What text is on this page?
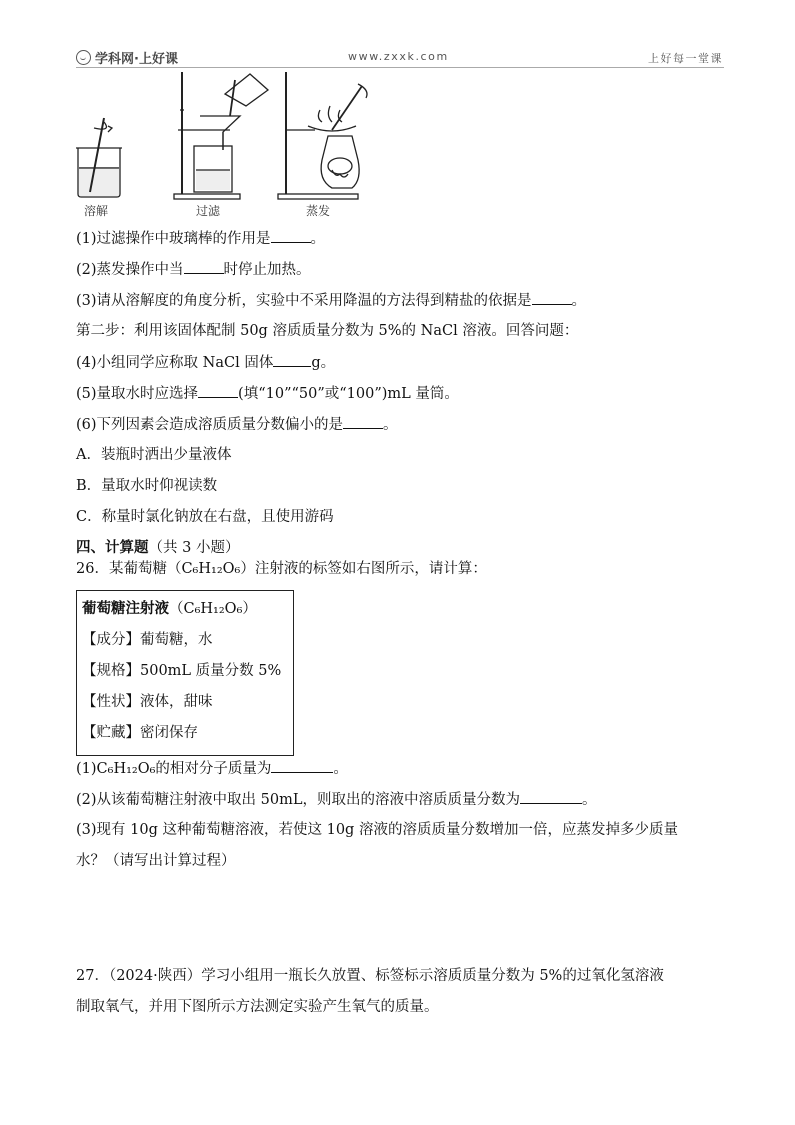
学科网·上好课	www.zxxk.com	上好每一堂课
溶解	过滤	蒸发
(1)过滤操作中玻璃棒的作用是	。
(2)蒸发操作中当	时停止加热。
(3)请从溶解度的角度分析，实验中不采用降温的方法得到精盐的依据是	。
第二步：利用该固体配制 50g 溶质质量分数为 5%的 NaCl 溶液。回答问题：
(4)小组同学应称取 NaCl 固体	g。
(5)量取水时应选择	(填“10”“50”或“100”)mL 量筒。
(6)下列因素会造成溶质质量分数偏小的是	。
A．装瓶时洒出少量液体
B．量取水时仰视读数
C．称量时氯化钠放在右盘，且使用游码
四、计算题（共 3 小题）
26．某葡萄糖（C₆H₁₂O₆）注射液的标签如右图所示，请计算：
葡萄糖注射液（C₆H₁₂O₆）
【成分】葡萄糖，水
【规格】500mL 质量分数 5%
【性状】液体，甜味
【贮藏】密闭保存
(1)C₆H₁₂O₆的相对分子质量为	。
(2)从该葡萄糖注射液中取出 50mL，则取出的溶液中溶质质量分数为	。
(3)现有 10g 这种葡萄糖溶液，若使这 10g 溶液的溶质质量分数增加一倍，应蒸发掉多少质量
水？（请写出计算过程）
27．（2024·陕西）学习小组用一瓶长久放置、标签标示溶质质量分数为 5%的过氧化氢溶液
制取氧气，并用下图所示方法测定实验产生氧气的质量。
